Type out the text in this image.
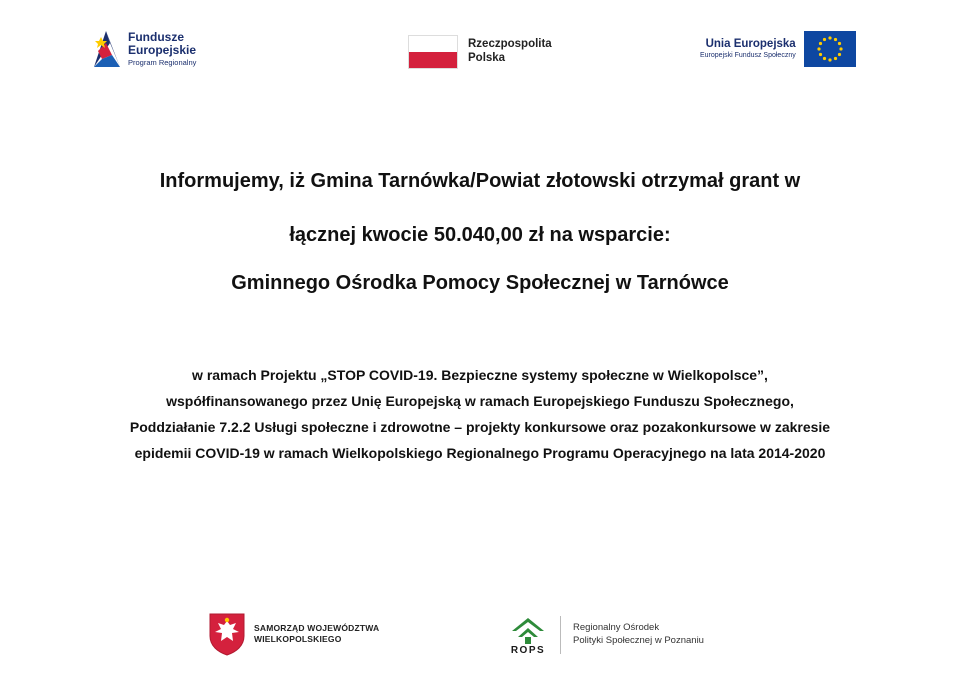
Fundusze
Europejskie
Program Regionalny
Rzeczpospolita
Polska
Unia Europejska
Europejski Fundusz Społeczny
Informujemy, iż Gmina Tarnówka/Powiat złotowski otrzymał grant w
łącznej kwocie 50.040,00 zł na wsparcie:
Gminnego Ośrodka Pomocy Społecznej w Tarnówce
w ramach Projektu „STOP COVID-19. Bezpieczne systemy społeczne w Wielkopolsce”,
współfinansowanego przez Unię Europejską w ramach Europejskiego Funduszu Społecznego,
Poddziałanie 7.2.2 Usługi społeczne i zdrowotne – projekty konkursowe oraz pozakonkursowe w zakresie
epidemii COVID-19 w ramach Wielkopolskiego Regionalnego Programu Operacyjnego na lata 2014-2020
SAMORZĄD WOJEWÓDZTWA
WIELKOPOLSKIEGO
ROPS
Regionalny Ośrodek
Polityki Społecznej w Poznaniu
